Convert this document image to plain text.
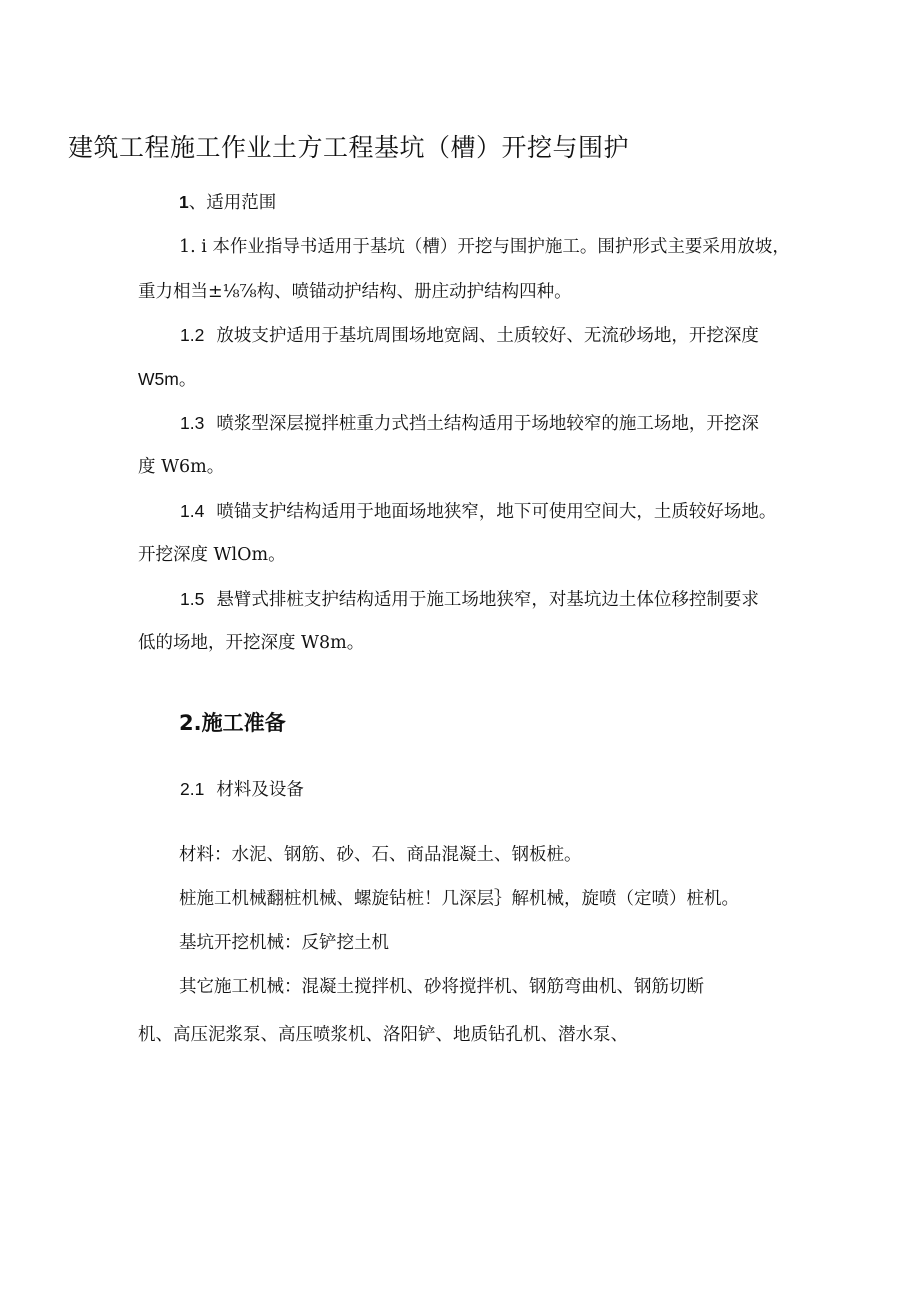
建筑工程施工作业土方工程基坑（槽）开挖与围护
1、适用范围
1. i 本作业指导书适用于基坑（槽）开挖与围护施工。围护形式主要采用放坡，
重力相当±⅛⅞构、喷锚动护结构、册庄动护结构四种。
1.2 放坡支护适用于基坑周围场地宽阔、土质较好、无流砂场地，开挖深度
W5m。
1.3 喷浆型深层搅拌桩重力式挡土结构适用于场地较窄的施工场地，开挖深
度 W6m。
1.4 喷锚支护结构适用于地面场地狭窄，地下可使用空间大，土质较好场地。
开挖深度 WlOm。
1.5 悬臂式排桩支护结构适用于施工场地狭窄，对基坑边土体位移控制要求
低的场地，开挖深度 W8m。
2.施工准备
2.1 材料及设备
材料：水泥、钢筋、砂、石、商品混凝土、钢板桩。
桩施工机械翻桩机械、螺旋钻桩！几深层｝解机械，旋喷（定喷）桩机。
基坑开挖机械：反铲挖土机
其它施工机械：混凝土搅拌机、砂将搅拌机、钢筋弯曲机、钢筋切断
机、高压泥浆泵、高压喷浆机、洛阳铲、地质钻孔机、潜水泵、
